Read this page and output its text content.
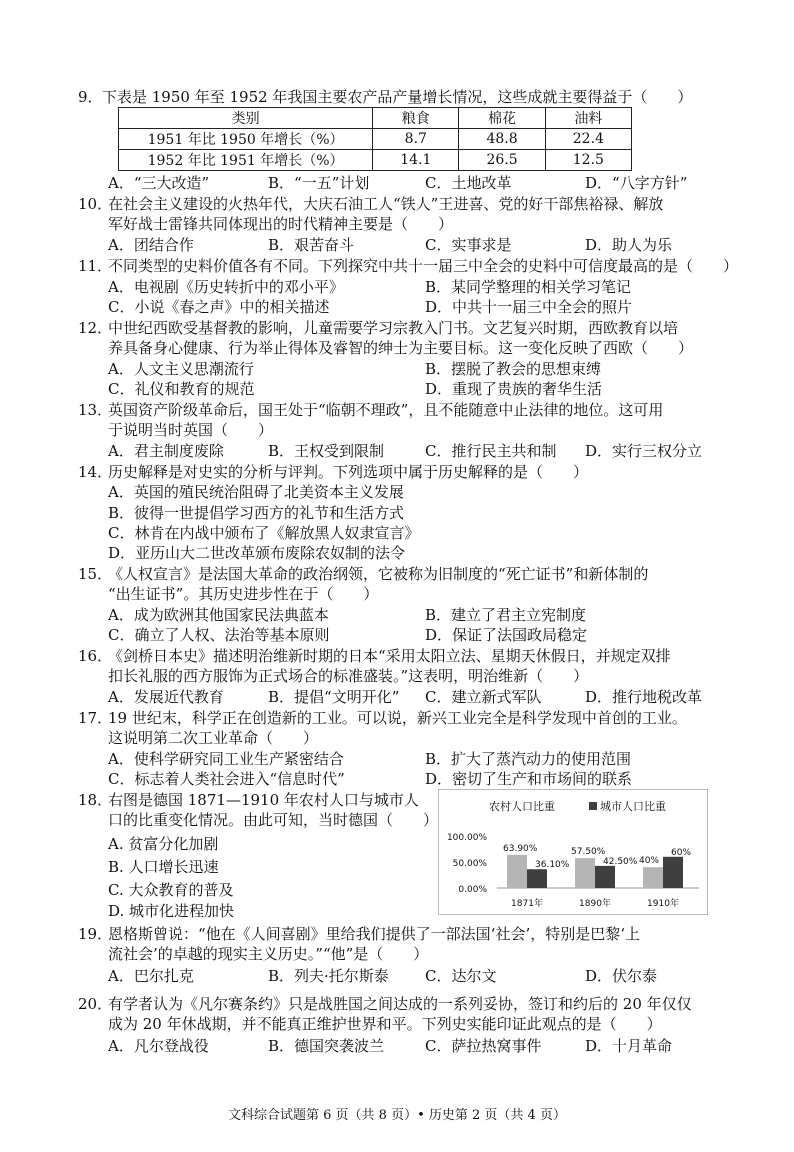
9． 下表是 1950 年至 1952 年我国主要农产品产量增长情况，这些成就主要得益于（　　）
类别	粮食	棉花	油料
1951 年比 1950 年增长（%）	8.7	48.8	22.4
1952 年比 1951 年增长（%）	14.1	26.5	12.5
A．“三大改造”	B．“一五”计划	C．土地改革	D．“八字方针”
10．
在社会主义建设的火热年代，大庆石油工人“铁人”王进喜、党的好干部焦裕禄、解放
军好战士雷锋共同体现出的时代精神主要是（　　）
A．团结合作	B．艰苦奋斗	C．实事求是	D．助人为乐
11．
不同类型的史料价值各有不同。下列探究中共十一届三中全会的史料中可信度最高的是（　　）
A．电视剧《历史转折中的邓小平》	B．某同学整理的相关学习笔记
C．小说《春之声》中的相关描述	D．中共十一届三中全会的照片
12．
中世纪西欧受基督教的影响，儿童需要学习宗教入门书。文艺复兴时期，西欧教育以培
养具备身心健康、行为举止得体及睿智的绅士为主要目标。这一变化反映了西欧（　　）
A．人文主义思潮流行	B．摆脱了教会的思想束缚
C．礼仪和教育的规范	D．重现了贵族的奢华生活
13．
英国资产阶级革命后，国王处于“临朝不理政”，且不能随意中止法律的地位。这可用
于说明当时英国（　　）
A．君主制度废除	B．王权受到限制	C．推行民主共和制 D．实行三权分立
14．
历史解释是对史实的分析与评判。下列选项中属于历史解释的是（　　）
A．英国的殖民统治阻碍了北美资本主义发展
B．彼得一世提倡学习西方的礼节和生活方式
C．林肯在内战中颁布了《解放黑人奴隶宣言》
D．亚历山大二世改革颁布废除农奴制的法令
15．
《人权宣言》是法国大革命的政治纲领，它被称为旧制度的“死亡证书”和新体制的
“出生证书”。其历史进步性在于（　　）
A．成为欧洲其他国家民法典蓝本	B．建立了君主立宪制度
C．确立了人权、法治等基本原则	D．保证了法国政局稳定
16．
《剑桥日本史》描述明治维新时期的日本“采用太阳立法、星期天休假日，并规定双排
扣长礼服的西方服饰为正式场合的标准盛装。”这表明，明治维新（　　）
A．发展近代教育	B．提倡“文明开化” C．建立新式军队	D．推行地税改革
17．
19 世纪末，科学正在创造新的工业。可以说，新兴工业完全是科学发现中首创的工业。
这说明第二次工业革命（　　）
A．使科学研究同工业生产紧密结合	B．扩大了蒸汽动力的使用范围
C．标志着人类社会进入“信息时代”	D．密切了生产和市场间的联系
18．
右图是德国 1871—1910 年农村人口与城市人
口的比重变化情况。由此可知，当时德国（　　）
A. 贫富分化加剧
B. 人口增长迅速
C. 大众教育的普及
D. 城市化进程加快
农村人口比重	城市人口比重
100.00%
50.00%
0.00%
63.90%
36.10%
1871年
57.50%
42.50%
1890年
40%
60%
1910年
19．
恩格斯曾说：“他在《人间喜剧》里给我们提供了一部法国‘社会’，特别是巴黎‘上
流社会’的卓越的现实主义历史。”“他”是（　　）
A．巴尔扎克	B．列夫·托尔斯泰 C．达尔文	D．伏尔泰
20．
有学者认为《凡尔赛条约》只是战胜国之间达成的一系列妥协，签订和约后的 20 年仅仅
成为 20 年休战期，并不能真正维护世界和平。下列史实能印证此观点的是（　　）
A．凡尔登战役	B．德国突袭波兰	C．萨拉热窝事件	D．十月革命
文科综合试题第 6 页（共 8 页）• 历史第 2 页（共 4 页）
